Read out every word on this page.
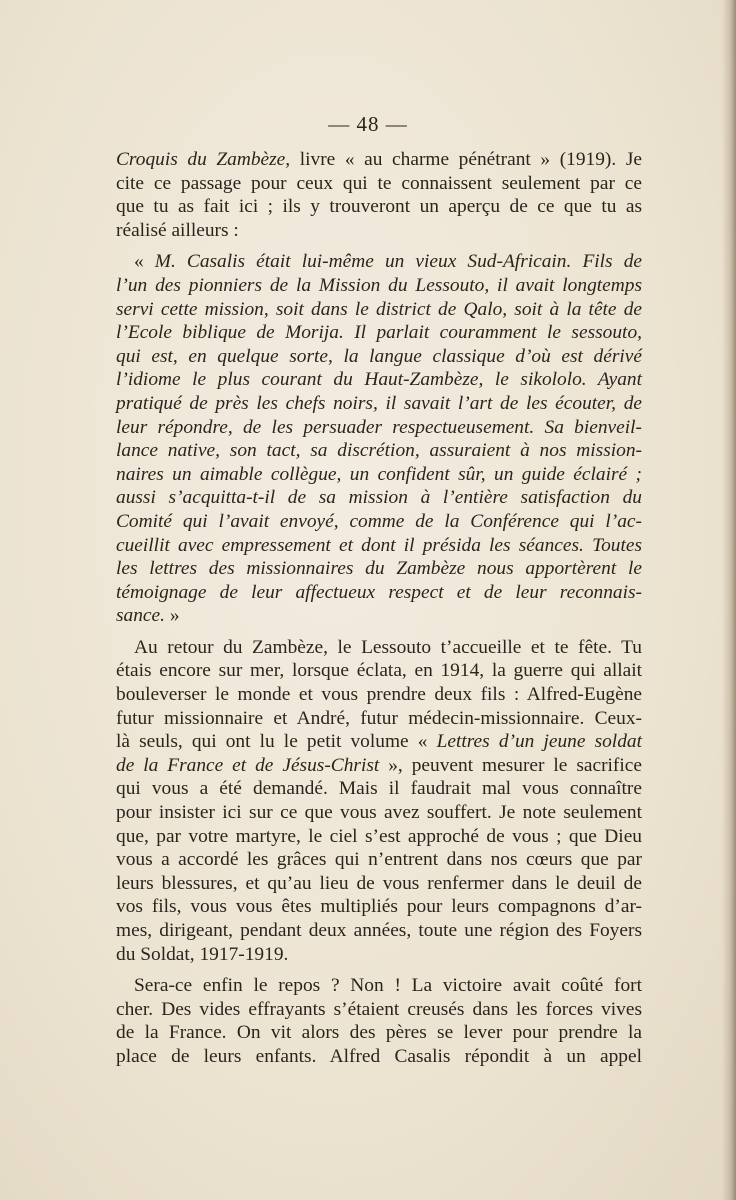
— 48 —

Croquis du Zambèze, livre « au charme pénétrant » (1919). Je

cite ce passage pour ceux qui te connaissent seulement par ce

que tu as fait ici ; ils y trouveront un aperçu de ce que tu as

réalisé ailleurs :

« M. Casalis était lui-même un vieux Sud-Africain. Fils de

l’un des pionniers de la Mission du Lessouto, il avait longtemps

servi cette mission, soit dans le district de Qalo, soit à la tête de

l’Ecole biblique de Morija. Il parlait couramment le sessouto,

qui est, en quelque sorte, la langue classique d’où est dérivé

l’idiome le plus courant du Haut-Zambèze, le sikololo. Ayant

pratiqué de près les chefs noirs, il savait l’art de les écouter, de

leur répondre, de les persuader respectueusement. Sa bienveil-

lance native, son tact, sa discrétion, assuraient à nos mission-

naires un aimable collègue, un confident sûr, un guide éclairé ;

aussi s’acquitta-t-il de sa mission à l’entière satisfaction du

Comité qui l’avait envoyé, comme de la Conférence qui l’ac-

cueillit avec empressement et dont il présida les séances. Toutes

les lettres des missionnaires du Zambèze nous apportèrent le

témoignage de leur affectueux respect et de leur reconnais-

sance. »

Au retour du Zambèze, le Lessouto t’accueille et te fête. Tu

étais encore sur mer, lorsque éclata, en 1914, la guerre qui allait

bouleverser le monde et vous prendre deux fils : Alfred-Eugène

futur missionnaire et André, futur médecin-missionnaire. Ceux-

là seuls, qui ont lu le petit volume « Lettres d’un jeune soldat

de la France et de Jésus-Christ », peuvent mesurer le sacrifice

qui vous a été demandé. Mais il faudrait mal vous connaître

pour insister ici sur ce que vous avez souffert. Je note seulement

que, par votre martyre, le ciel s’est approché de vous ; que Dieu

vous a accordé les grâces qui n’entrent dans nos cœurs que par

leurs blessures, et qu’au lieu de vous renfermer dans le deuil de

vos fils, vous vous êtes multipliés pour leurs compagnons d’ar-

mes, dirigeant, pendant deux années, toute une région des Foyers

du Soldat, 1917-1919.

Sera-ce enfin le repos ? Non ! La victoire avait coûté fort

cher. Des vides effrayants s’étaient creusés dans les forces vives

de la France. On vit alors des pères se lever pour prendre la

place de leurs enfants. Alfred Casalis répondit à un appel
